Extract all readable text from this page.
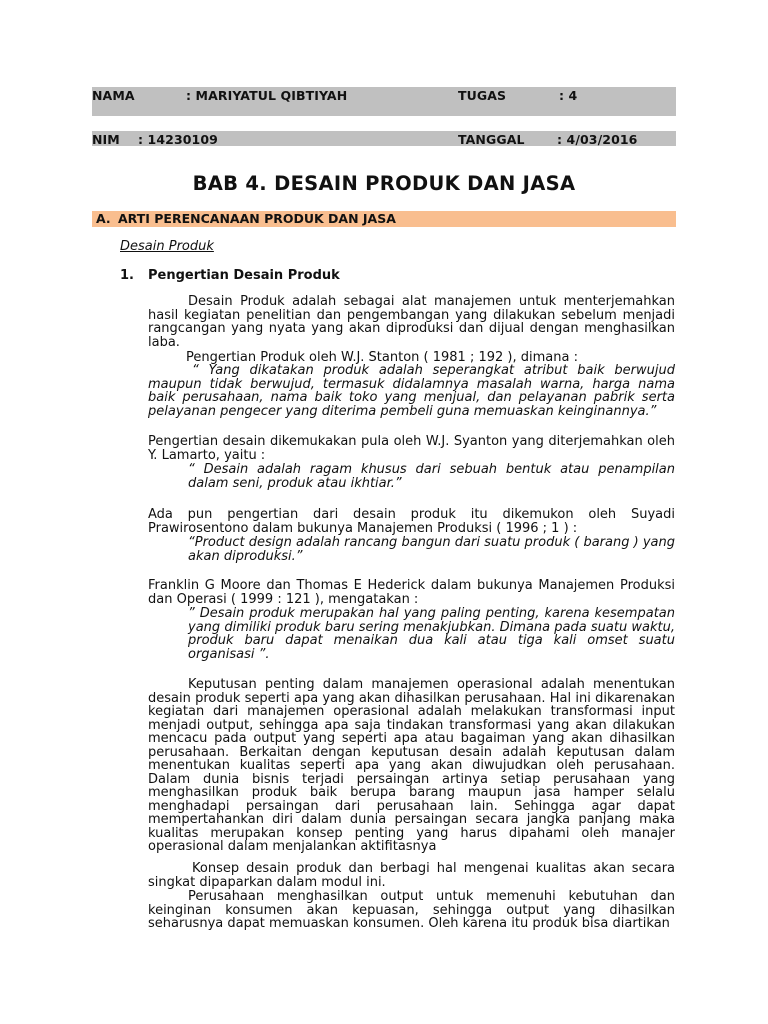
NAMA	: MARIYATUL QIBTIYAH	TUGAS	: 4
NIM : 14230109	TANGGAL	: 4/03/2016
BAB 4. DESAIN PRODUK DAN JASA
A. ARTI PERENCANAAN PRODUK DAN JASA
Desain Produk
1. Pengertian Desain Produk

Desain Produk adalah sebagai alat manajemen untuk menterjemahkan hasil kegiatan penelitian dan pengembangan yang dilakukan sebelum menjadi rangcangan yang nyata yang akan diproduksi dan dijual dengan menghasilkan laba.

Pengertian Produk oleh W.J. Stanton ( 1981 ; 192 ), dimana :

“ Yang dikatakan produk adalah seperangkat atribut baik berwujud maupun tidak berwujud, termasuk didalamnya masalah warna, harga nama baik perusahaan, nama baik toko yang menjual, dan pelayanan pabrik serta pelayanan pengecer yang diterima pembeli guna memuaskan keinginannya.”

Pengertian desain dikemukakan pula oleh W.J. Syanton yang diterjemahkan oleh Y. Lamarto, yaitu :

“ Desain adalah ragam khusus dari sebuah bentuk atau penampilan dalam seni, produk atau ikhtiar.”

Ada pun pengertian dari desain produk itu dikemukon oleh Suyadi Prawirosentono dalam bukunya Manajemen Produksi ( 1996 ; 1 ) :

“Product design adalah rancang bangun dari suatu produk ( barang ) yang akan diproduksi.”

Franklin G Moore dan Thomas E Hederick dalam bukunya Manajemen Produksi dan Operasi ( 1999 : 121 ), mengatakan :

” Desain produk merupakan hal yang paling penting, karena kesempatan yang dimiliki produk baru sering menakjubkan. Dimana pada suatu waktu, produk baru dapat menaikan dua kali atau tiga kali omset suatu organisasi ”.

Keputusan penting dalam manajemen operasional adalah menentukan desain produk seperti apa yang akan dihasilkan perusahaan. Hal ini dikarenakan kegiatan dari manajemen operasional adalah melakukan transformasi input menjadi output, sehingga apa saja tindakan transformasi yang akan dilakukan mencacu pada output yang seperti apa atau bagaiman yang akan dihasilkan perusahaan. Berkaitan dengan keputusan desain adalah keputusan dalam menentukan kualitas seperti apa yang akan diwujudkan oleh perusahaan. Dalam dunia bisnis terjadi persaingan artinya setiap perusahaan yang menghasilkan produk baik berupa barang maupun jasa hamper selalu menghadapi persaingan dari perusahaan lain. Sehingga agar dapat mempertahankan diri dalam dunia persaingan secara jangka panjang maka kualitas merupakan konsep penting yang harus dipahami oleh manajer operasional dalam menjalankan aktifitasnya

Konsep desain produk dan berbagi hal mengenai kualitas akan secara singkat dipaparkan dalam modul ini.

Perusahaan menghasilkan output untuk memenuhi kebutuhan dan keinginan konsumen akan kepuasan, sehingga output yang dihasilkan seharusnya dapat memuaskan konsumen. Oleh karena itu produk bisa diartikan
